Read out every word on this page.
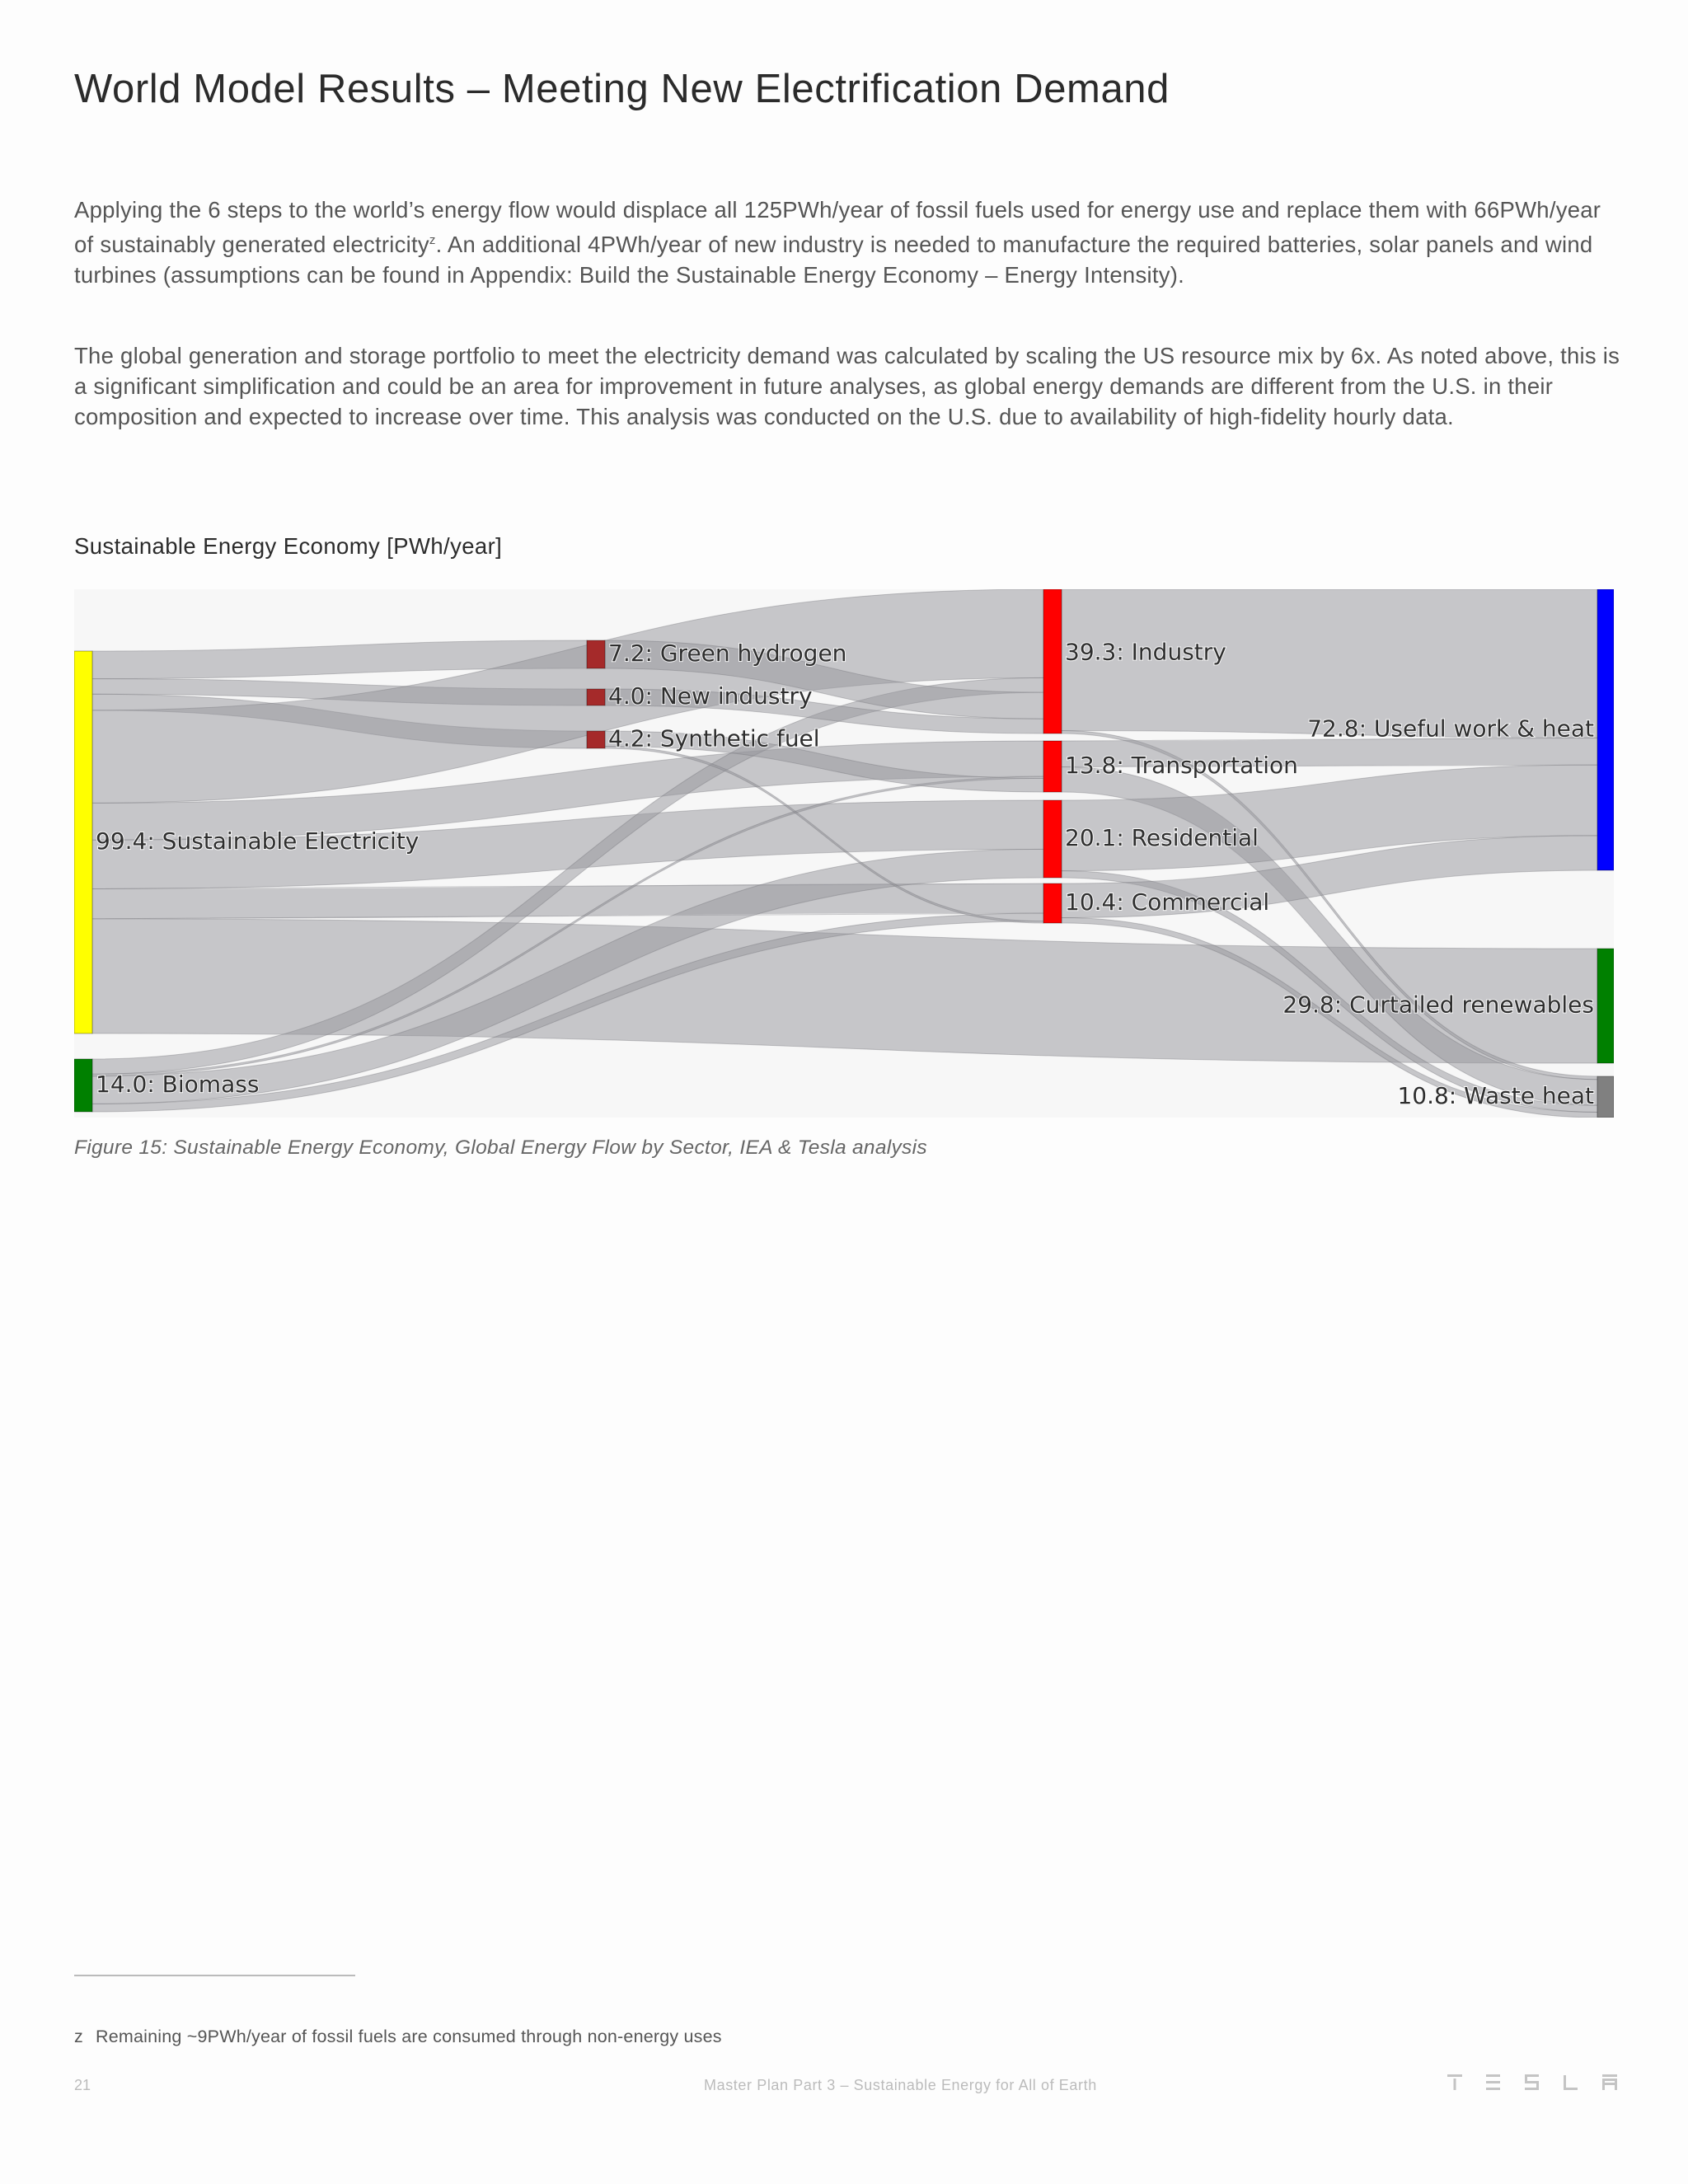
World Model Results – Meeting New Electrification Demand
Applying the 6 steps to the world’s energy flow would displace all 125PWh/year of fossil fuels used for energy use and replace them with 66PWh/year of sustainably generated electricity$^z$. An additional 4PWh/year of new industry is needed to manufacture the required batteries, solar panels and wind turbines (assumptions can be found in Appendix: Build the Sustainable Energy Economy – Energy Intensity).
The global generation and storage portfolio to meet the electricity demand was calculated by scaling the US resource mix by 6x. As noted above, this is a significant simplification and could be an area for improvement in future analyses, as global energy demands are different from the U.S. in their composition and expected to increase over time. This analysis was conducted on the U.S. due to availability of high-fidelity hourly data.
Sustainable Energy Economy [PWh/year]
99.4: Sustainable Electricity
14.0: Biomass
7.2: Green hydrogen
4.0: New industry
4.2: Synthetic fuel
39.3: Industry
13.8: Transportation
20.1: Residential
10.4: Commercial
72.8: Useful work & heat
29.8: Curtailed renewables
10.8: Waste heat
Figure 15: Sustainable Energy Economy, Global Energy Flow by Sector, IEA & Tesla analysis
z Remaining ~9PWh/year of fossil fuels are consumed through non-energy uses
21	Master Plan Part 3 – Sustainable Energy for All of Earth
